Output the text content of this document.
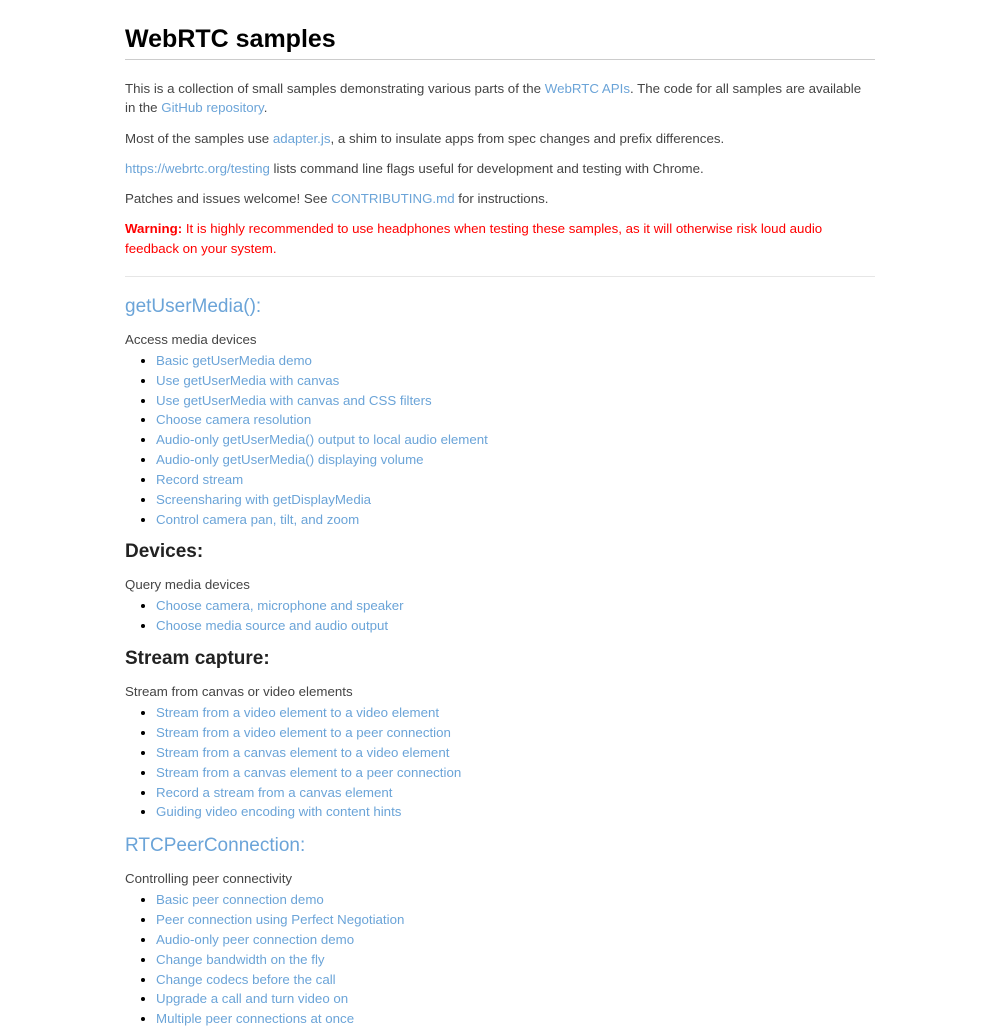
WebRTC samples

This is a collection of small samples demonstrating various parts of the WebRTC APIs. The code for all samples are available in the GitHub repository.

Most of the samples use adapter.js, a shim to insulate apps from spec changes and prefix differences.

https://webrtc.org/testing lists command line flags useful for development and testing with Chrome.

Patches and issues welcome! See CONTRIBUTING.md for instructions.

Warning: It is highly recommended to use headphones when testing these samples, as it will otherwise risk loud audio feedback on your system.

getUserMedia():

Access media devices

• Basic getUserMedia demo
• Use getUserMedia with canvas
• Use getUserMedia with canvas and CSS filters
• Choose camera resolution
• Audio-only getUserMedia() output to local audio element
• Audio-only getUserMedia() displaying volume
• Record stream
• Screensharing with getDisplayMedia
• Control camera pan, tilt, and zoom
Devices:

Query media devices

• Choose camera, microphone and speaker
• Choose media source and audio output
Stream capture:

Stream from canvas or video elements

• Stream from a video element to a video element
• Stream from a video element to a peer connection
• Stream from a canvas element to a video element
• Stream from a canvas element to a peer connection
• Record a stream from a canvas element
• Guiding video encoding with content hints
RTCPeerConnection:

Controlling peer connectivity

• Basic peer connection demo
• Peer connection using Perfect Negotiation
• Audio-only peer connection demo
• Change bandwidth on the fly
• Change codecs before the call
• Upgrade a call and turn video on
• Multiple peer connections at once
